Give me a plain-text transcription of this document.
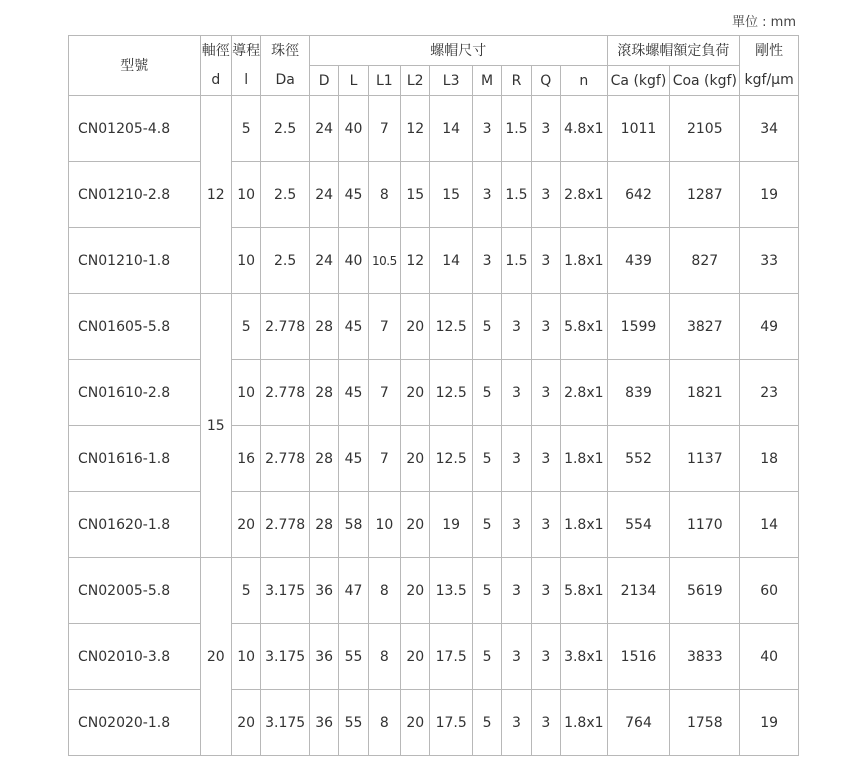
單位 : mm
型號	軸徑	導程	珠徑	螺帽尺寸									滾珠螺帽額定負荷		剛性
	d	l	Da	D	L	L1	L2	L3	M	R	Q	n	Ca (kgf)	Coa (kgf)	kgf/μm
CN01205-4.8	12	5	2.5	24	40	7	12	14	3	1.5	3	4.8x1	1011	2105	34
CN01210-2.8		10	2.5	24	45	8	15	15	3	1.5	3	2.8x1	642	1287	19
CN01210-1.8		10	2.5	24	40	10.5	12	14	3	1.5	3	1.8x1	439	827	33
CN01605-5.8	15	5	2.778	28	45	7	20	12.5	5	3	3	5.8x1	1599	3827	49
CN01610-2.8		10	2.778	28	45	7	20	12.5	5	3	3	2.8x1	839	1821	23
CN01616-1.8		16	2.778	28	45	7	20	12.5	5	3	3	1.8x1	552	1137	18
CN01620-1.8		20	2.778	28	58	10	20	19	5	3	3	1.8x1	554	1170	14
CN02005-5.8	20	5	3.175	36	47	8	20	13.5	5	3	3	5.8x1	2134	5619	60
CN02010-3.8		10	3.175	36	55	8	20	17.5	5	3	3	3.8x1	1516	3833	40
CN02020-1.8		20	3.175	36	55	8	20	17.5	5	3	3	1.8x1	764	1758	19
